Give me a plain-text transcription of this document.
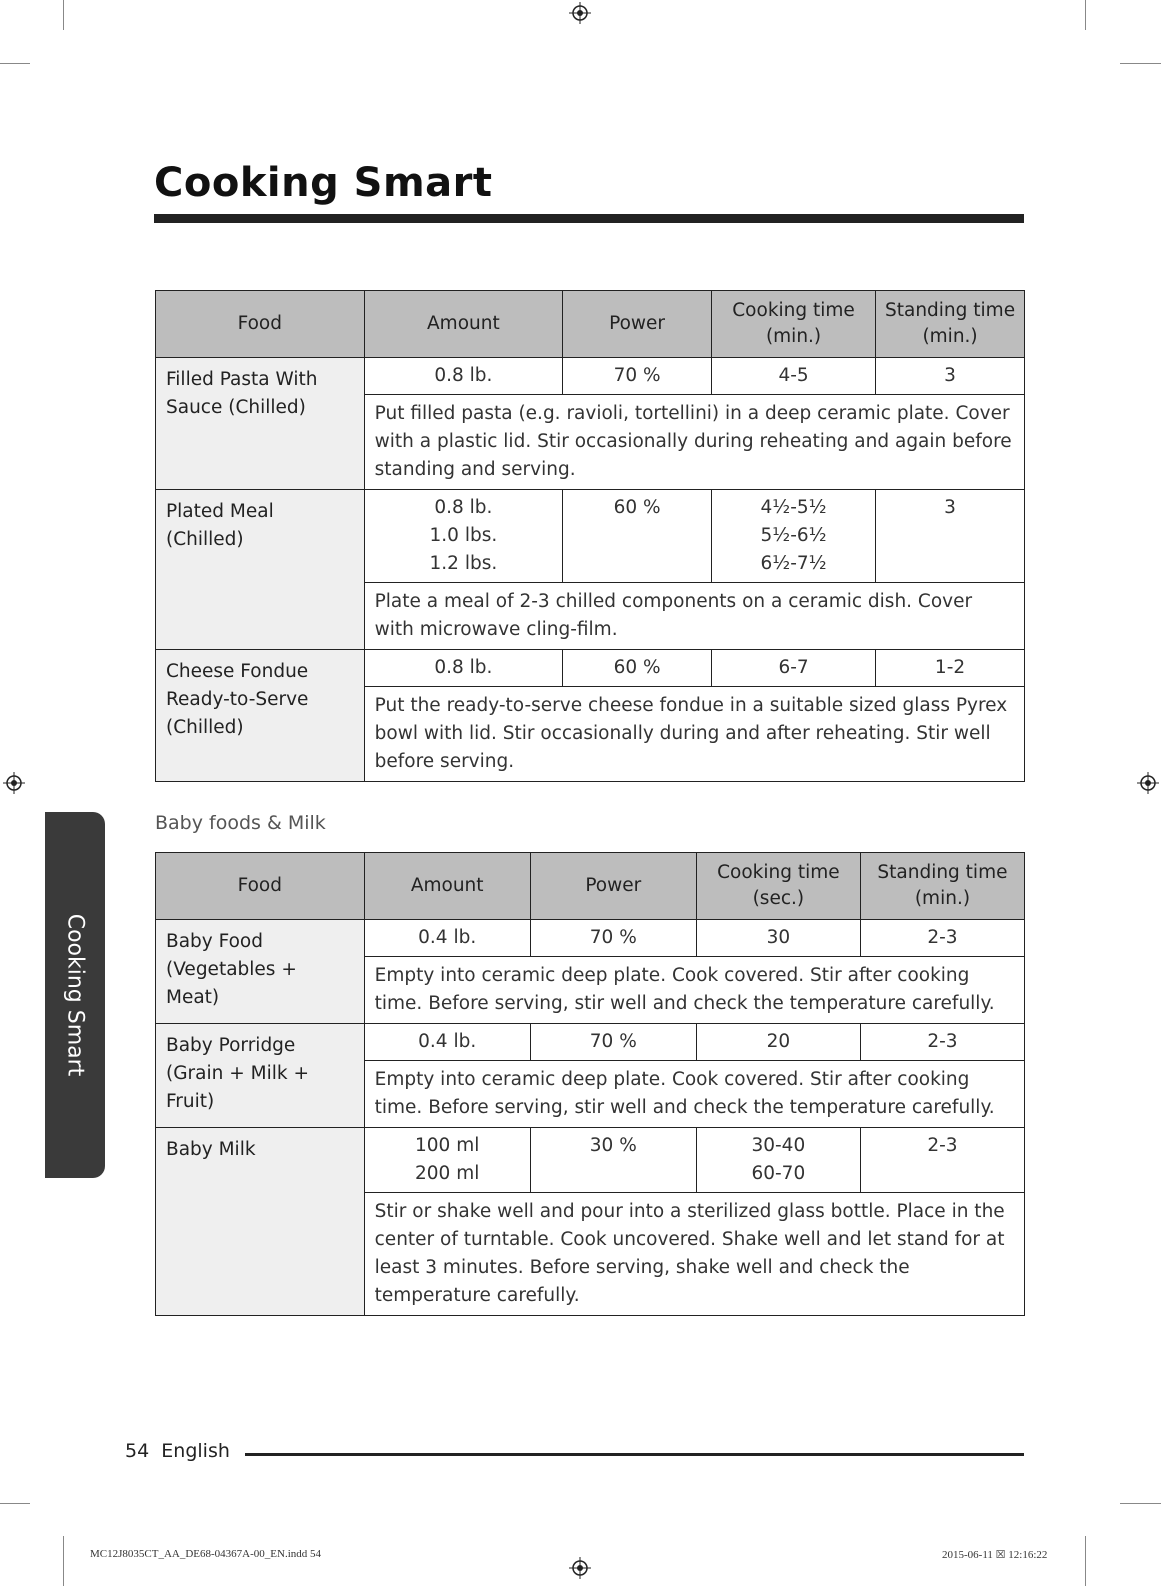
Cooking Smart
Cooking Smart
Food	Amount	Power	Cooking time (min.)	Standing time (min.)
Filled Pasta With Sauce (Chilled)	0.8 lb.	70 %	4-5	3
	Put filled pasta (e.g. ravioli, tortellini) in a deep ceramic plate. Cover with a plastic lid. Stir occasionally during reheating and again before standing and serving.			
Plated Meal (Chilled)	0.8 lb. 1.0 lbs. 1.2 lbs.	60 %	4½-5½ 5½-6½ 6½-7½	3
	Plate a meal of 2-3 chilled components on a ceramic dish. Cover with microwave cling-film.			
Cheese Fondue Ready-to-Serve (Chilled)	0.8 lb.	60 %	6-7	1-2
	Put the ready-to-serve cheese fondue in a suitable sized glass Pyrex bowl with lid. Stir occasionally during and after reheating. Stir well before serving.			
Baby foods & Milk
Food	Amount	Power	Cooking time (sec.)	Standing time (min.)
Baby Food (Vegetables + Meat)	0.4 lb.	70 %	30	2-3
	Empty into ceramic deep plate. Cook covered. Stir after cooking time. Before serving, stir well and check the temperature carefully.			
Baby Porridge (Grain + Milk + Fruit)	0.4 lb.	70 %	20	2-3
	Empty into ceramic deep plate. Cook covered. Stir after cooking time. Before serving, stir well and check the temperature carefully.			
Baby Milk	100 ml 200 ml	30 %	30-40 60-70	2-3
	Stir or shake well and pour into a sterilized glass bottle. Place in the center of turntable. Cook uncovered. Shake well and let stand for at least 3 minutes. Before serving, shake well and check the temperature carefully.			
54 English
MC12J8035CT_AA_DE68-04367A-00_EN.indd 54	2015-06-11 ☒ 12:16:22
